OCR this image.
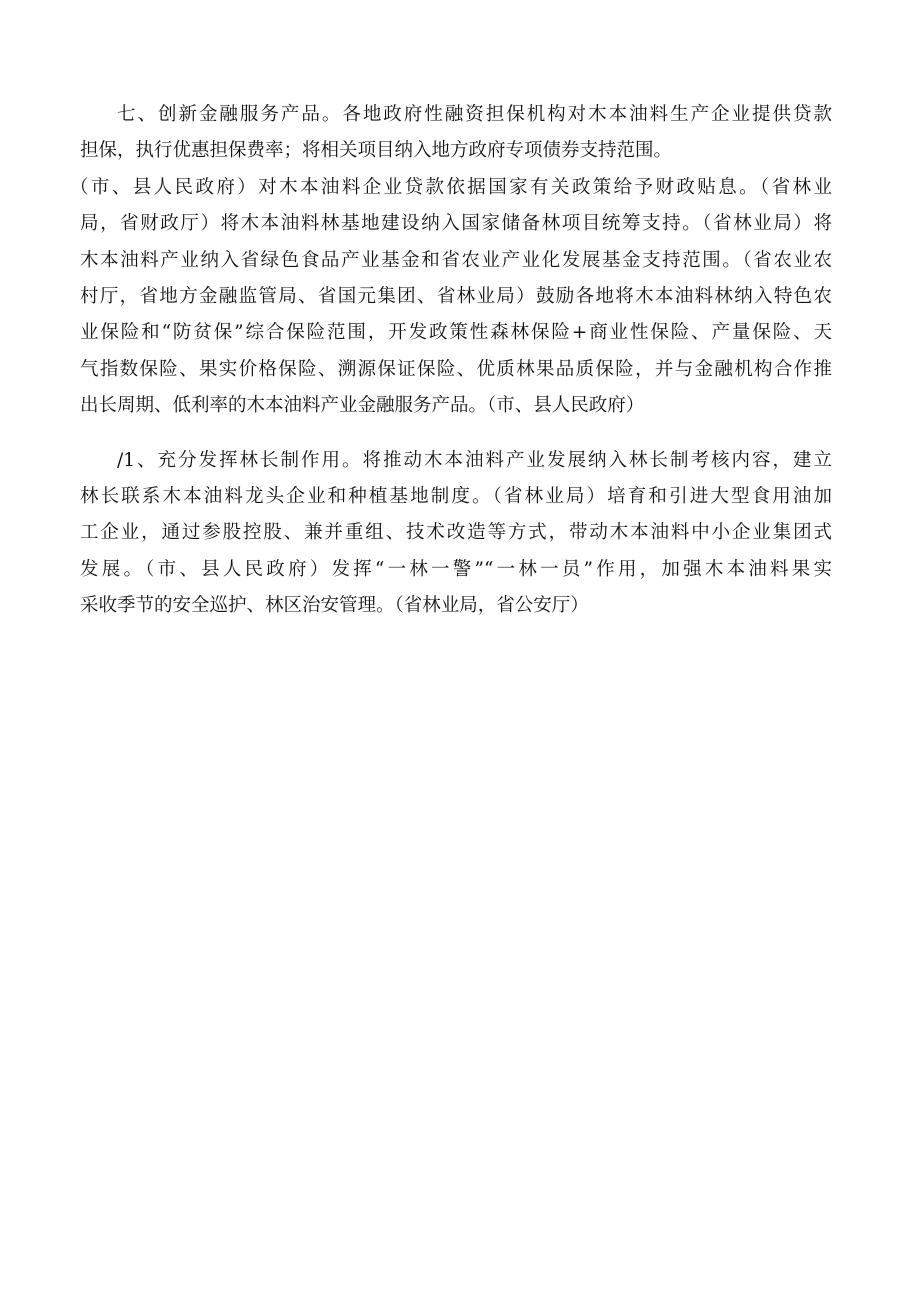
七、创新金融服务产品。各地政府性融资担保机构对木本油料生产企业提供贷款
担保，执行优惠担保费率；将相关项目纳入地方政府专项债券支持范围。
（市、县人民政府）对木本油料企业贷款依据国家有关政策给予财政贴息。（省林业
局，省财政厅）将木本油料林基地建设纳入国家储备林项目统筹支持。（省林业局）将
木本油料产业纳入省绿色食品产业基金和省农业产业化发展基金支持范围。（省农业农
村厅，省地方金融监管局、省国元集团、省林业局）鼓励各地将木本油料林纳入特色农
业保险和“防贫保”综合保险范围，开发政策性森林保险+商业性保险、产量保险、天
气指数保险、果实价格保险、溯源保证保险、优质林果品质保险，并与金融机构合作推
出长周期、低利率的木本油料产业金融服务产品。（市、县人民政府）
/1、充分发挥林长制作用。将推动木本油料产业发展纳入林长制考核内容，建立
林长联系木本油料龙头企业和种植基地制度。（省林业局）培育和引进大型食用油加
工企业，通过参股控股、兼并重组、技术改造等方式，带动木本油料中小企业集团式
发展。（市、县人民政府）发挥“一林一警”“一林一员”作用，加强木本油料果实
采收季节的安全巡护、林区治安管理。（省林业局，省公安厅）
